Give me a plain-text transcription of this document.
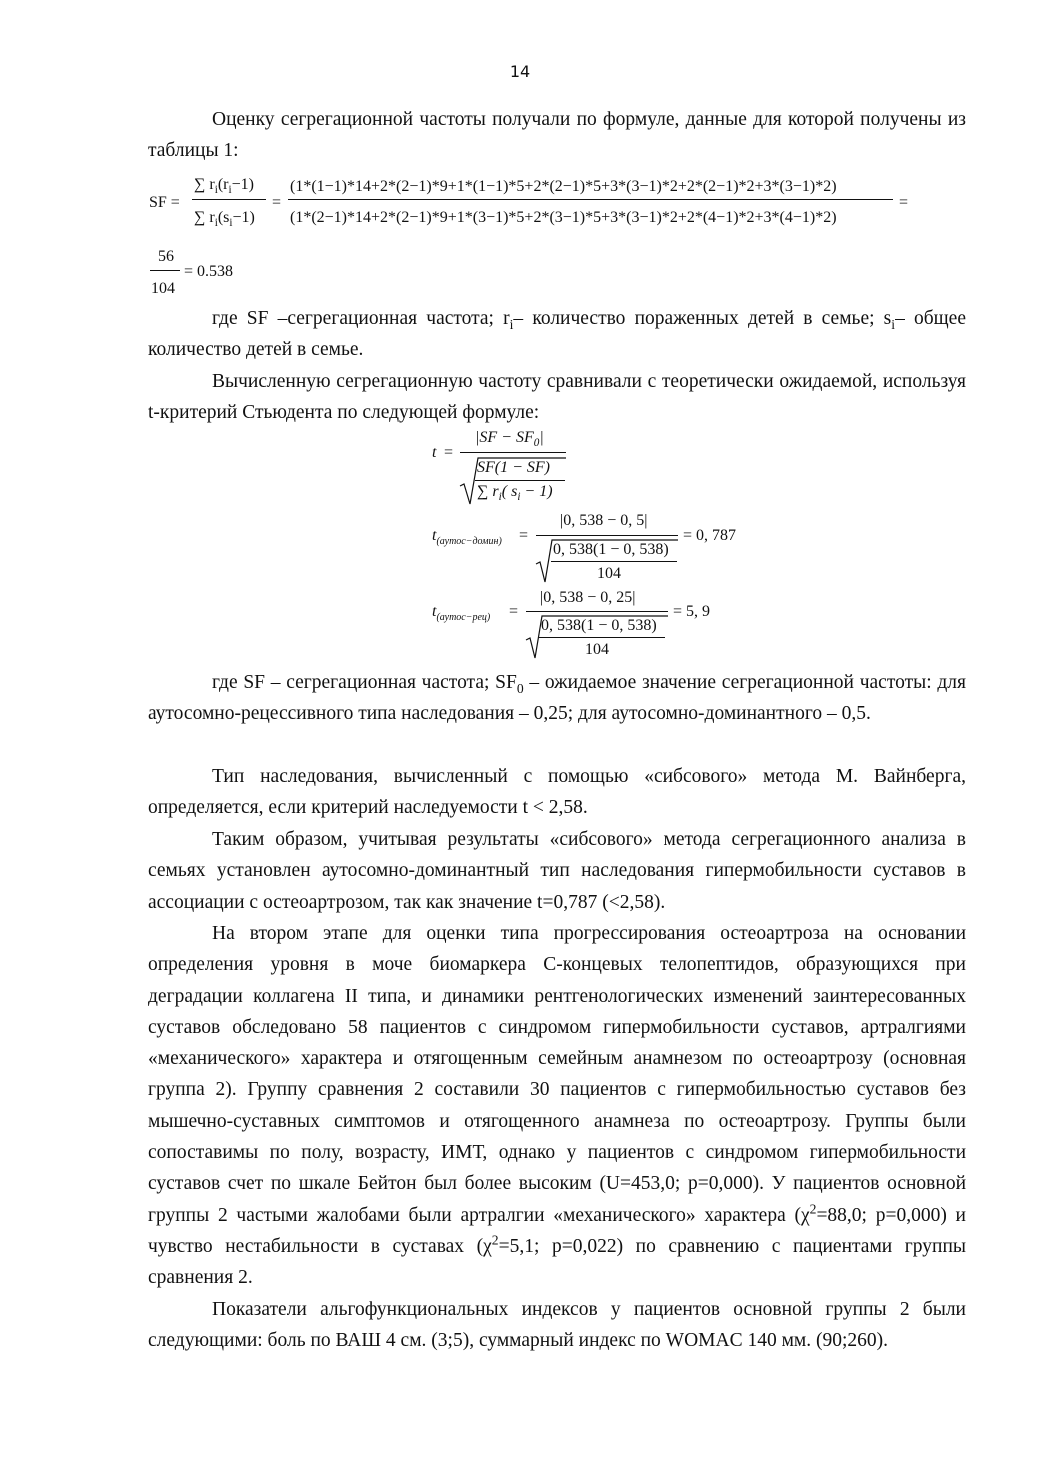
14

Оценку сегрегационной частоты получали по формуле, данные для которой получены из таблицы 1:

SF =
∑ $r_i(r_i-1)$
∑ $r_i(s_i-1)$
=
(1*(1−1)*14+2*(2−1)*9+1*(1−1)*5+2*(2−1)*5+3*(3−1)*2+2*(2−1)*2+3*(3−1)*2)
(1*(2−1)*14+2*(2−1)*9+1*(3−1)*5+2*(3−1)*5+3*(3−1)*2+2*(4−1)*2+3*(4−1)*2)
=
56
104
= 0.538

где SF –сегрегационная частота; $r_i-$ количество пораженных детей в семье; $s_i-$ общее количество детей в семье.

Вычисленную сегрегационную частоту сравнивали с теоретически ожидаемой, используя t-критерий Стьюдента по следующей формуле:

t =
$|SF - SF_0|$
SF(1 − SF)
∑ $r_i$( $s_i - 1$)
$t_{(аутос-домин)}$ =
|0, 538 − 0, 5|
0, 538(1 − 0, 538)
104
= 0, 787
$t_{(аутос-рец)}$ =
|0, 538 − 0, 25|
0, 538(1 − 0, 538)
104
= 5, 9

где SF – сегрегационная частота; $SF_0$ – ожидаемое значение сегрегационной частоты: для аутосомно-рецессивного типа наследования – 0,25; для аутосомно-доминантного – 0,5.

Тип наследования, вычисленный с помощью «сибсового» метода М. Вайнберга, определяется, если критерий наследуемости t < 2,58.

Таким образом, учитывая результаты «сибсового» метода сегрегационного анализа в семьях установлен аутосомно-доминантный тип наследования гипермобильности суставов в ассоциации с остеоартрозом, так как значение t=0,787 (<2,58).

На втором этапе для оценки типа прогрессирования остеоартроза на основании определения уровня в моче биомаркера С-концевых телопептидов, образующихся при деградации коллагена II типа, и динамики рентгенологических изменений заинтересованных суставов обследовано 58 пациентов с синдромом гипермобильности суставов, артралгиями «механического» характера и отягощенным семейным анамнезом по остеоартрозу (основная группа 2). Группу сравнения 2 составили 30 пациентов с гипермобильностью суставов без мышечно-суставных симптомов и отягощенного анамнеза по остеоартрозу. Группы были сопоставимы по полу, возрасту, ИМТ, однако у пациентов с синдромом гипермобильности суставов счет по шкале Бейтон был более высоким (U=453,0; p=0,000). У пациентов основной группы 2 частыми жалобами были артралгии «механического» характера ($\chi^2=88,0$; p=0,000) и чувство нестабильности в суставах ($\chi^2=5,1$; p=0,022) по сравнению с пациентами группы сравнения 2.

Показатели альгофункциональных индексов у пациентов основной группы 2 были следующими: боль по ВАШ 4 см. (3;5), суммарный индекс по WOMAC 140 мм. (90;260).
